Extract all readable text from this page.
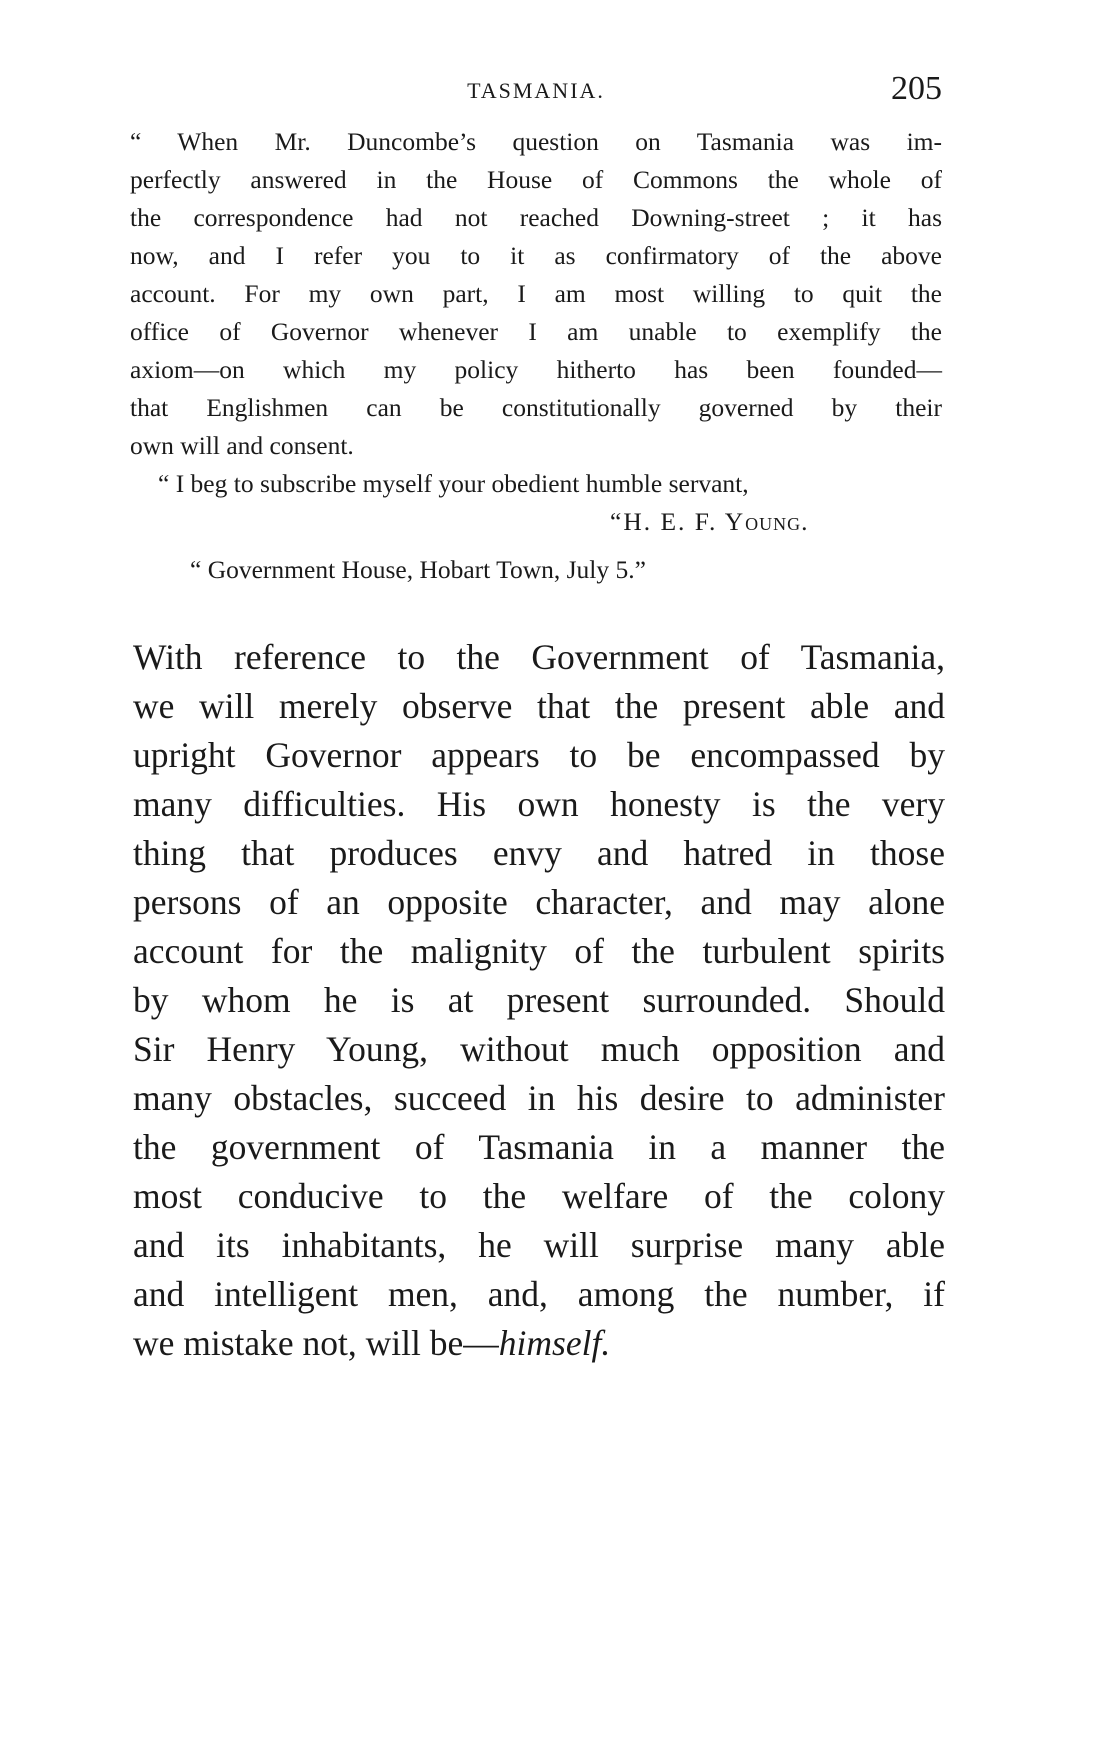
TASMANIA.	205
“ When Mr. Duncombe’s question on Tasmania was im-
perfectly answered in the House of Commons the whole of
the correspondence had not reached Downing-street ; it has
now, and I refer you to it as confirmatory of the above
account. For my own part, I am most willing to quit the
office of Governor whenever I am unable to exemplify the
axiom—on which my policy hitherto has been founded—
that Englishmen can be constitutionally governed by their
own will and consent.
“ I beg to subscribe myself your obedient humble servant,
“H. E. F. YOUNG.
“ Government House, Hobart Town, July 5.”
With reference to the Government of Tasmania,
we will merely observe that the present able and
upright Governor appears to be encompassed by
many difficulties. His own honesty is the very
thing that produces envy and hatred in those
persons of an opposite character, and may alone
account for the malignity of the turbulent spirits
by whom he is at present surrounded. Should
Sir Henry Young, without much opposition and
many obstacles, succeed in his desire to administer
the government of Tasmania in a manner the
most conducive to the welfare of the colony
and its inhabitants, he will surprise many able
and intelligent men, and, among the number, if
we mistake not, will be—himself.
